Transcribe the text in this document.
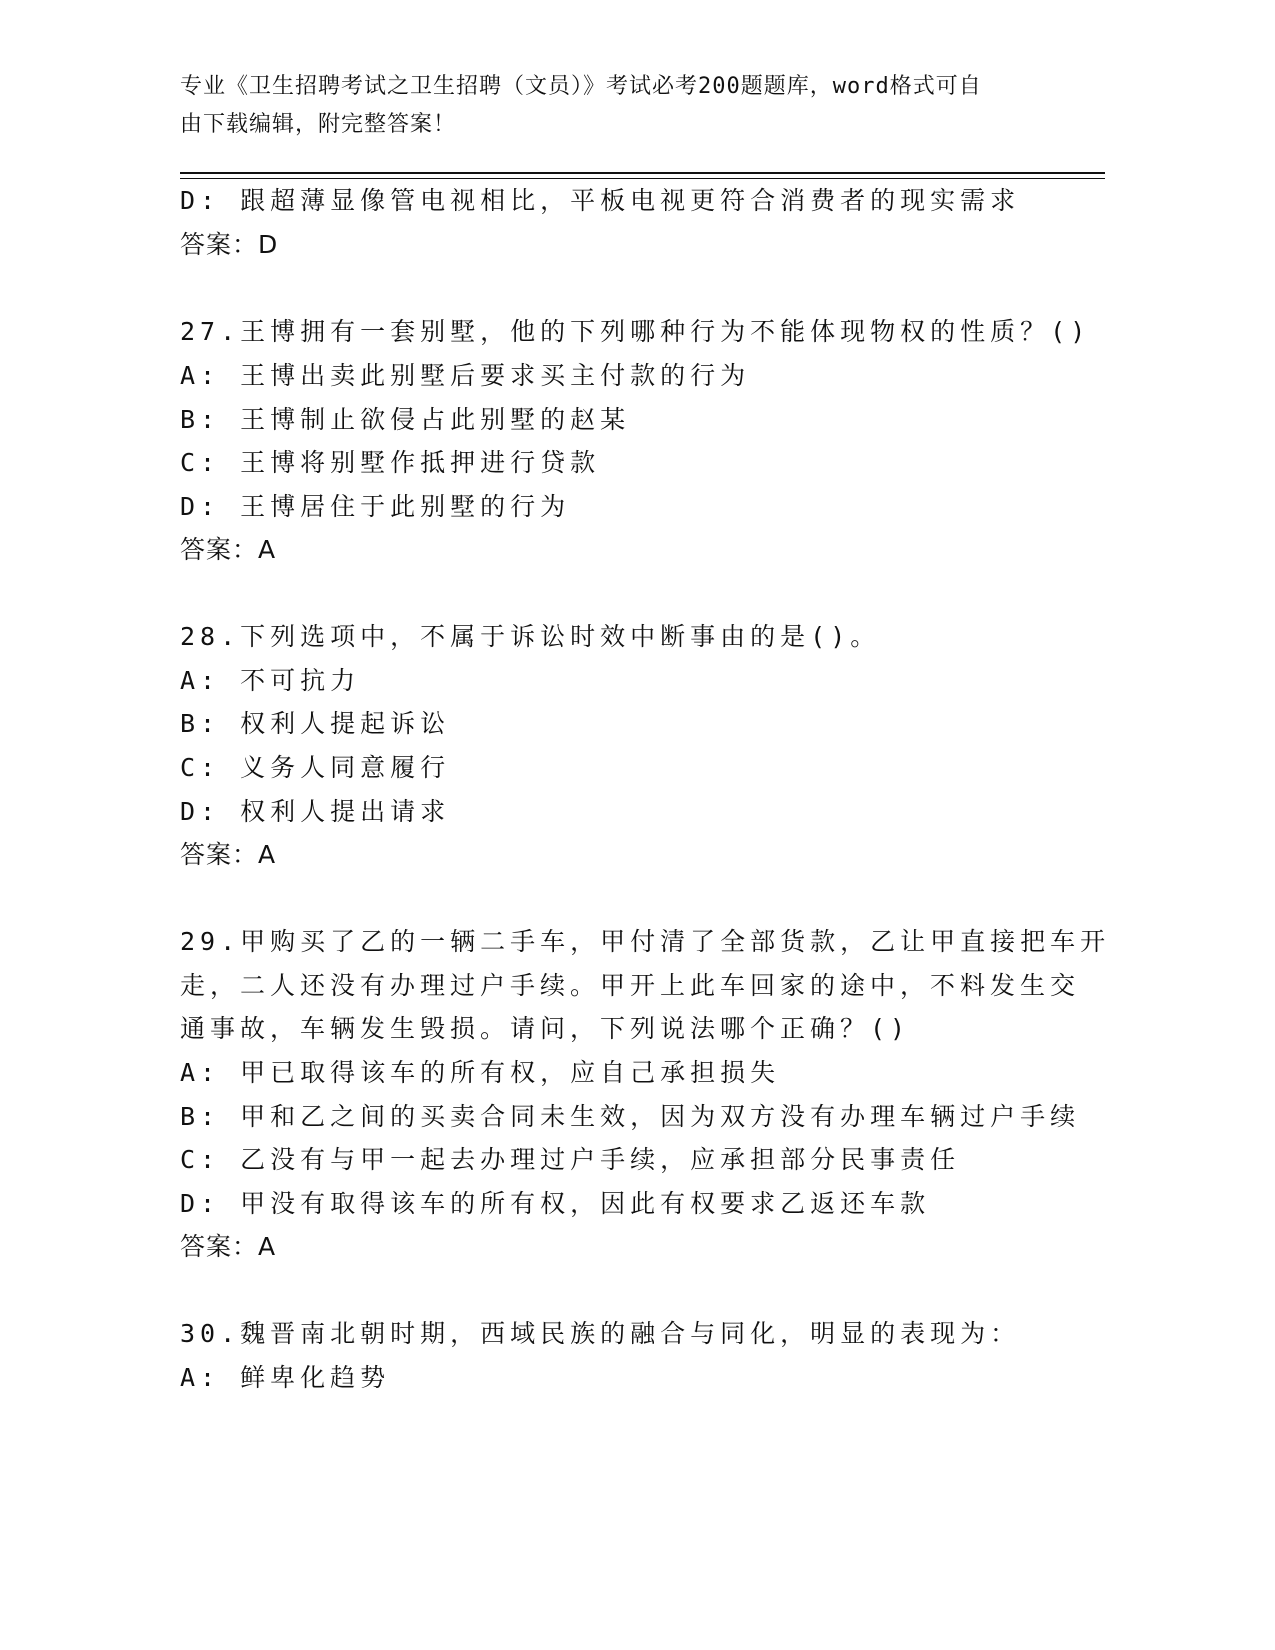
专业《卫生招聘考试之卫生招聘（文员）》考试必考200题题库，word格式可自
由下载编辑，附完整答案！
D: 跟超薄显像管电视相比，平板电视更符合消费者的现实需求
答案：D
27.王博拥有一套别墅，他的下列哪种行为不能体现物权的性质？()
A: 王博出卖此别墅后要求买主付款的行为
B: 王博制止欲侵占此别墅的赵某
C: 王博将别墅作抵押进行贷款
D: 王博居住于此别墅的行为
答案：A
28.下列选项中，不属于诉讼时效中断事由的是()。
A: 不可抗力
B: 权利人提起诉讼
C: 义务人同意履行
D: 权利人提出请求
答案：A
29.甲购买了乙的一辆二手车，甲付清了全部货款，乙让甲直接把车开
走，二人还没有办理过户手续。甲开上此车回家的途中，不料发生交
通事故，车辆发生毁损。请问，下列说法哪个正确？()
A: 甲已取得该车的所有权，应自己承担损失
B: 甲和乙之间的买卖合同未生效，因为双方没有办理车辆过户手续
C: 乙没有与甲一起去办理过户手续，应承担部分民事责任
D: 甲没有取得该车的所有权，因此有权要求乙返还车款
答案：A
30.魏晋南北朝时期，西域民族的融合与同化，明显的表现为：
A: 鲜卑化趋势
